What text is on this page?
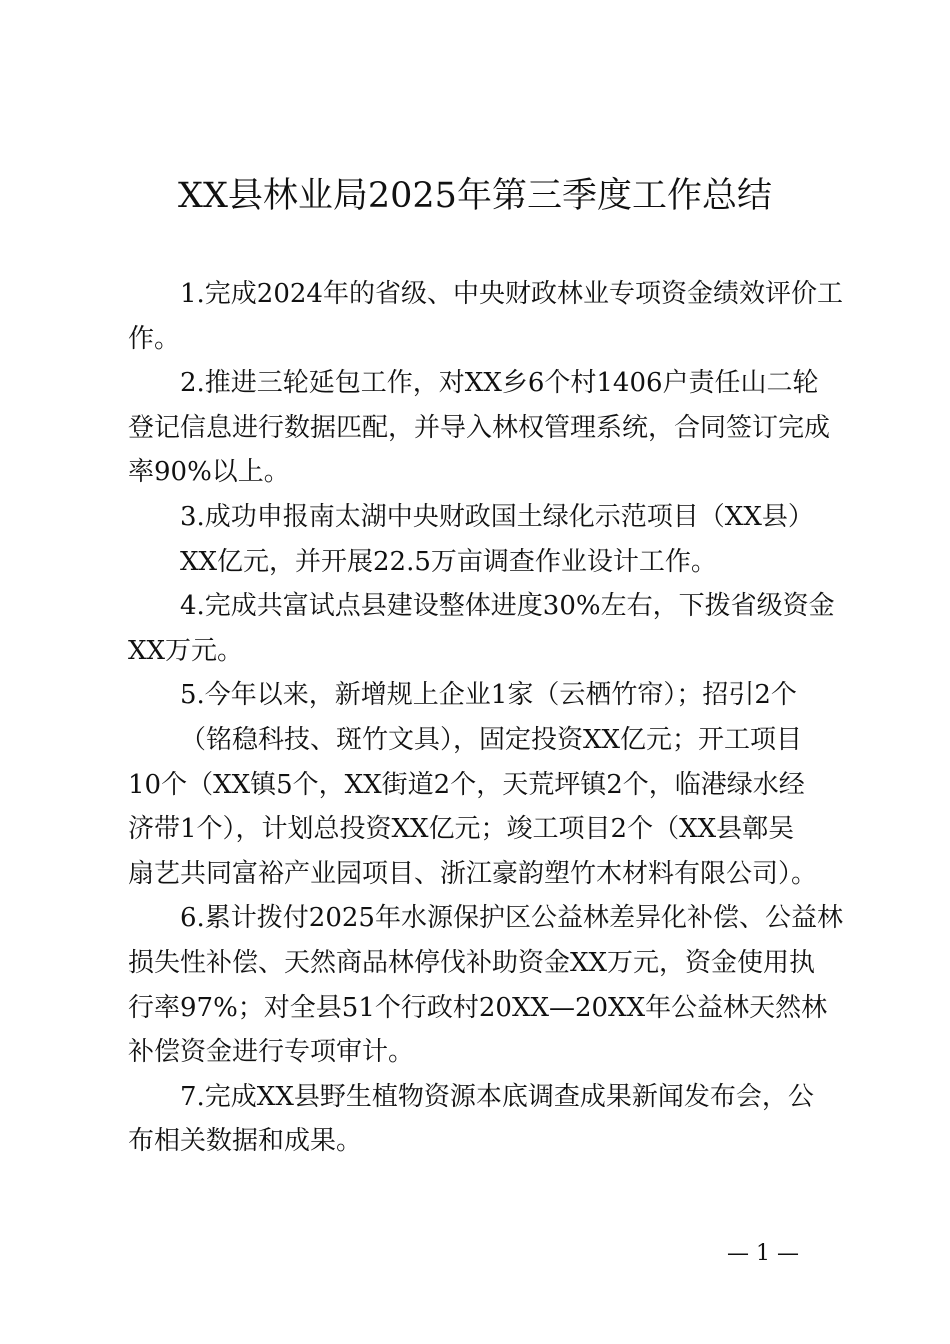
XX县林业局2025年第三季度工作总结
1.完成2024年的省级、中央财政林业专项资金绩效评价工
作。
2.推进三轮延包工作，对XX乡6个村1406户责任山二轮
登记信息进行数据匹配，并导入林权管理系统，合同签订完成
率90%以上。
3.成功申报南太湖中央财政国土绿化示范项目（XX县）
XX亿元，并开展22.5万亩调查作业设计工作。
4.完成共富试点县建设整体进度30%左右，下拨省级资金
XX万元。
5.今年以来，新增规上企业1家（云栖竹帘）；招引2个
（铭稳科技、斑竹文具），固定投资XX亿元；开工项目
10个（XX镇5个，XX街道2个，天荒坪镇2个，临港绿水经
济带1个），计划总投资XX亿元；竣工项目2个（XX县鄣吴
扇艺共同富裕产业园项目、浙江豪韵塑竹木材料有限公司）。
6.累计拨付2025年水源保护区公益林差异化补偿、公益林
损失性补偿、天然商品林停伐补助资金XX万元，资金使用执
行率97%；对全县51个行政村20XX—20XX年公益林天然林
补偿资金进行专项审计。
7.完成XX县野生植物资源本底调查成果新闻发布会，公
布相关数据和成果。
— 1 —
